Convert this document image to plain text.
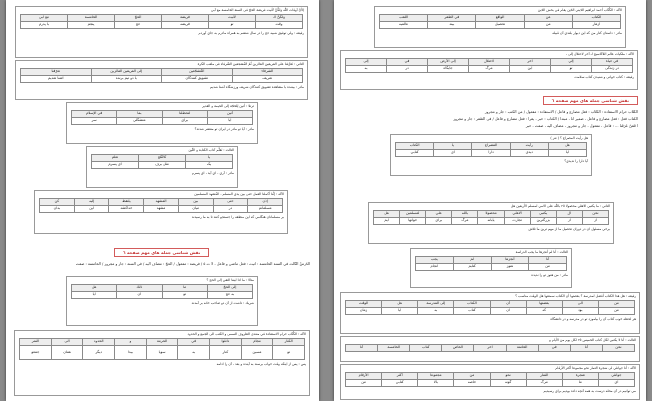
اِلأنَّ آوقات اللّٰه وَلكُنَّ لَأتيت فريضة الحجّ فى السنة الخامسة مع آبي
وَلكُنَّ ك	لَأتيت	فريضة	الحجّ	الخامسة	مع آبي
وقت	تو	فريضه	حج	پنجم	با پدرم
رفيقه : ولي توفيق شبيه حج را در سال ششم به همراه مادرم به جاي آوردم
الثاني : تَعَرَّفنا على الفريقين الفائزين ثُمّ المُشجعين الشّرفاء فى ملعب الكرة
الشرفاء	المُشجّعين	إلى الفريقين الفائزين	تعرّفنا
شريف	تشويق كنندگان	با دو تيم برنده	آشنا شديم
مادر : بيننده با مشاهده تشويق كنندگان شريف ورزشگاه آشنا شديم
ثرتلا : أتين لِلحَجّة إلى الخيمة و الغدير
أتين	لتحصّلنا	بما	في الإسلام
آيا	براى	متشكّلي	سر
مادر : آيا تو مادر در ايران تو منتشر شدند؟
الثالث : تَعَلَّم آداب الكتابة و اللّين
يا	كالثّلج	تعلّم
يک	مثل برف	اي پسرم
مادر : آري - اي آيد ، اي پسرم
الآله : إنَّنا أكملنا العمل حتى بين يدي المسلم ، المُشهد المسلمين
إذن	حتى	بين	المشهد	يلتقط	إليه	كن
مسلمانم	در	ميان	مشهد	خداكشد	اين	بدان
بر مسلمانان هنگامي كه اين منطقه را جستجو كنند تا به ما رسيدند
نقش شناسي جمله هاي مهم صفحه ٦
الدّرسُ الثّالث في السنة الخامسة : أتيت : فعل ماضي و فاعل ، لا ت ٥ / فريضة : مفعول / الحجّ : مضاف اليه / في السنة : جار و مجرور / الخامسة : صفت
مثالا : ما ادا ليتنا التقي إلى الحج ؟
إلى الحجّ	ما	ذلك	هل
به حج	تو	آن	آيا
شريك : داشت از آن دو صاحب خانه بر آمدند
الآله : الكُتّاب حرام الاستفادة في منتدى الظروف السمى و الكتب الى الجمع و الحدود
الكثار	مجام	دانلوا	في	الحرمة	و	الحدود	الى	الثمر
تو	مسين	كنار	به	سويا	بيدا	ديگر	همان	جمعو
پس : پس از اينكه وقت خواب برسند به آينده و بعد ، آن را ادامه
الآله : الكُتّاب أحمد ابراهيم الدّيني الدّين يقام في بخش الدّين
الكتاب	عن	الواقع	في الصّقر	اللّقب
ازهار	من	تحصیل	بیند	عالمیه
مادر : داستان كنار من كه اين دیوار بلندي آن قبيله
الآله : ملکیات عالم اللاكاسيح لـ آخر لاحتلال إلى ،
في حياة	إلي	آخر	لاحتلال	إلى الأرض	في	إلى
در زندگی	تو	اين	مرگ	جايگاه	در	به
رفیقه : كتاب خوانى و شنيدن كتاب سلامت
نقش شناسي جمله هاي مهم صفحه ٦
الكُتّاب حرام الاستفادة : الكُتّاب : فعل مضارع و فاعل / الاستفادة : مفعول / من الكتب : جار و مجرور
الكتاب فعل : فعل مضارع و فاعل ، ضمير انا ، مبتدا / الكتاب : خبر ، يقرأ : فعل مضارع و فاعل / فى الصّقر : جار و مجرور
أ فَمَنْ عَرَفَنا ... : فاعل ، مفعول ، جار و مجرور ، مضاف اليه ، صفت ، خبر
هل رأيت المصراع ؟ ( نثر )
هل	رأيت	المصراع	يا	الكتاب
آيا	ديدي	دارا	اي	كتابي
آيا دارا را نديدي؟
الثاني : ما يكتبي الاهلي محصولا ٢٥ باللّه على الامي لمسلم الأربعين هل
نحن	ال	يكتبي	الاهلي	محصولا	باللّه	علي	لمسلمين	هل
از	از	بزرگترين	تجارت	يابانه	مرگ	براي	خوانها	ايم
برخي مسئول ان در دوران تحصيل ما از مهم ترين ما تلاش
الثالث : أنا لم أنجزها ما يجب الدراسة
أنا	أنجزها	لم	يجب
من	هنوز	كتابم	انجام
مادر : من هنوز تو را ندیده
رفيقه : هل هذا الكتاب أفضل لمدرسة ؟ بقصتها أن الكتاب سمعتها هل الوقت مناسب ؟
من	الى	بقصتها	أن	الكتاب	إلى المدرسة	هل	الوقت
من	بود	كه	آن	كتاب	به	آيا	زمان
هر لحظه خوب كتاب آن را بیاموزد تو در مدرسه و در دانشگاه
الثالث : أنا لا يكتبي لكل كتاب الخميس ٢٥ لكل يوم من الأيام و
نحن	أنا	في	الخاتمة	آخر	الخاص	كتاب	الخامسة	أنا
الآله : أنا جوانئي لى شجرة الثمار نحو مجموعا أكثر الأرقام
جوانئي	شجرة	الثمار	نحو	من	مجموعا	أكثر	الأرقام
اي	ما	مرگ	گونه	خاصه	بالا	كتابي	من
مي توانيم در آن محله درست به همه آنچه داده بوديم براي رسيديم
